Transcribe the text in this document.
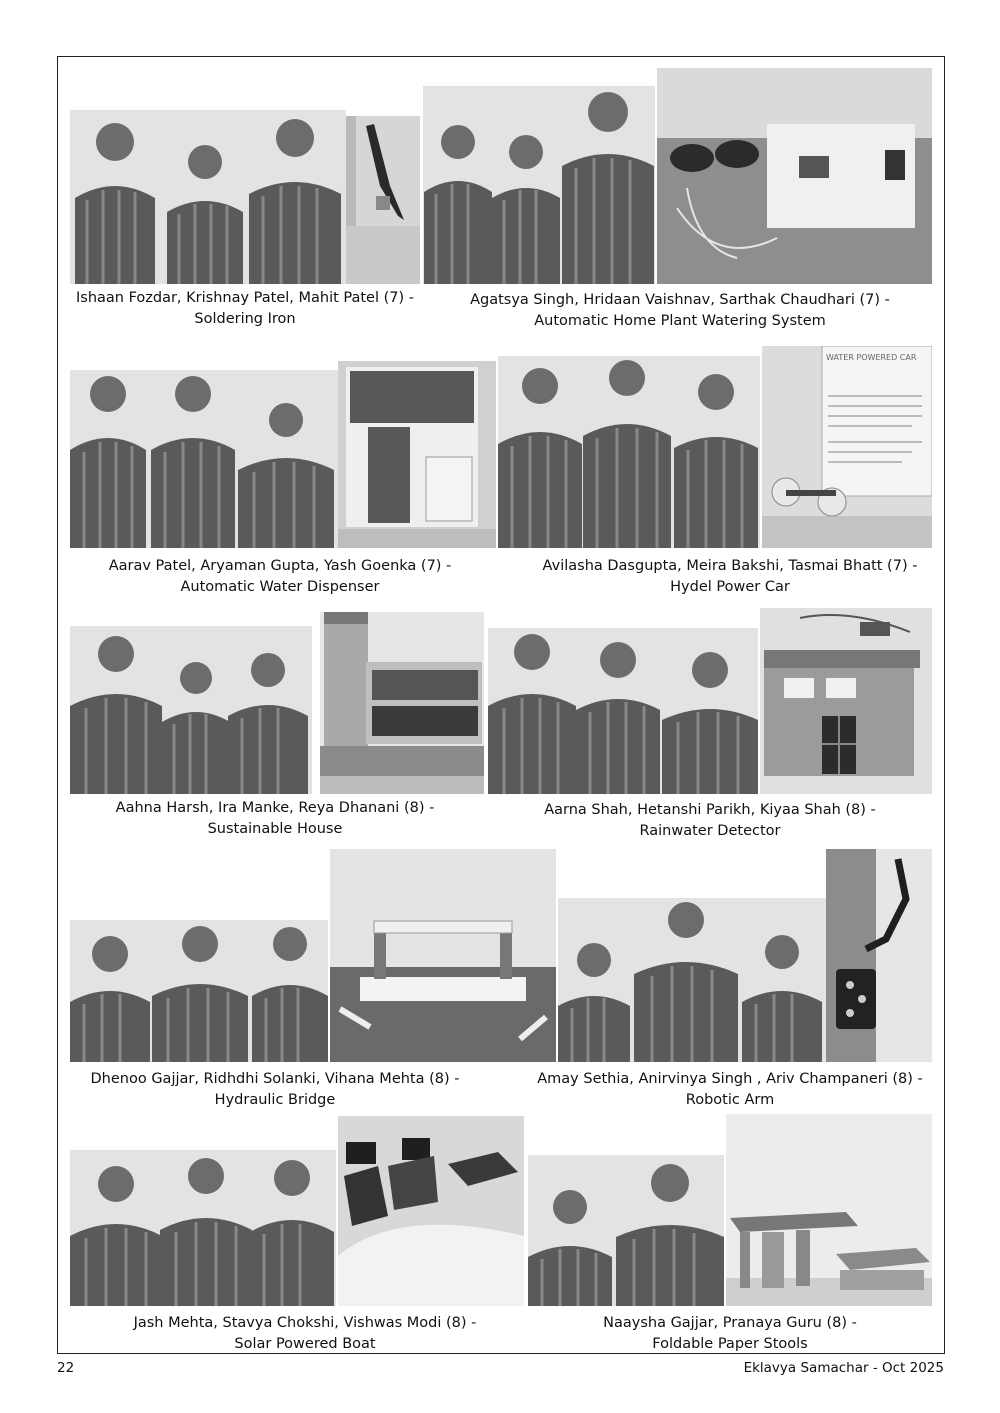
Ishaan Fozdar, Krishnay Patel, Mahit Patel (7) -
Soldering Iron
Agatsya Singh, Hridaan Vaishnav, Sarthak Chaudhari (7) -
Automatic Home Plant Watering System
WATER POWERED CAR
Aarav Patel, Aryaman Gupta, Yash Goenka (7) -
Automatic Water Dispenser
Avilasha Dasgupta, Meira Bakshi, Tasmai Bhatt (7) -
Hydel Power Car
Aahna Harsh, Ira Manke, Reya Dhanani (8) -
Sustainable House
Aarna Shah, Hetanshi Parikh, Kiyaa Shah (8) -
Rainwater Detector
Dhenoo Gajjar, Ridhdhi Solanki, Vihana Mehta (8) -
Hydraulic Bridge
Amay Sethia, Anirvinya Singh , Ariv Champaneri (8) -
Robotic Arm
Jash Mehta, Stavya Chokshi, Vishwas Modi (8) -
Solar Powered Boat
Naaysha Gajjar, Pranaya Guru (8) -
Foldable Paper Stools
22	Eklavya Samachar - Oct 2025
